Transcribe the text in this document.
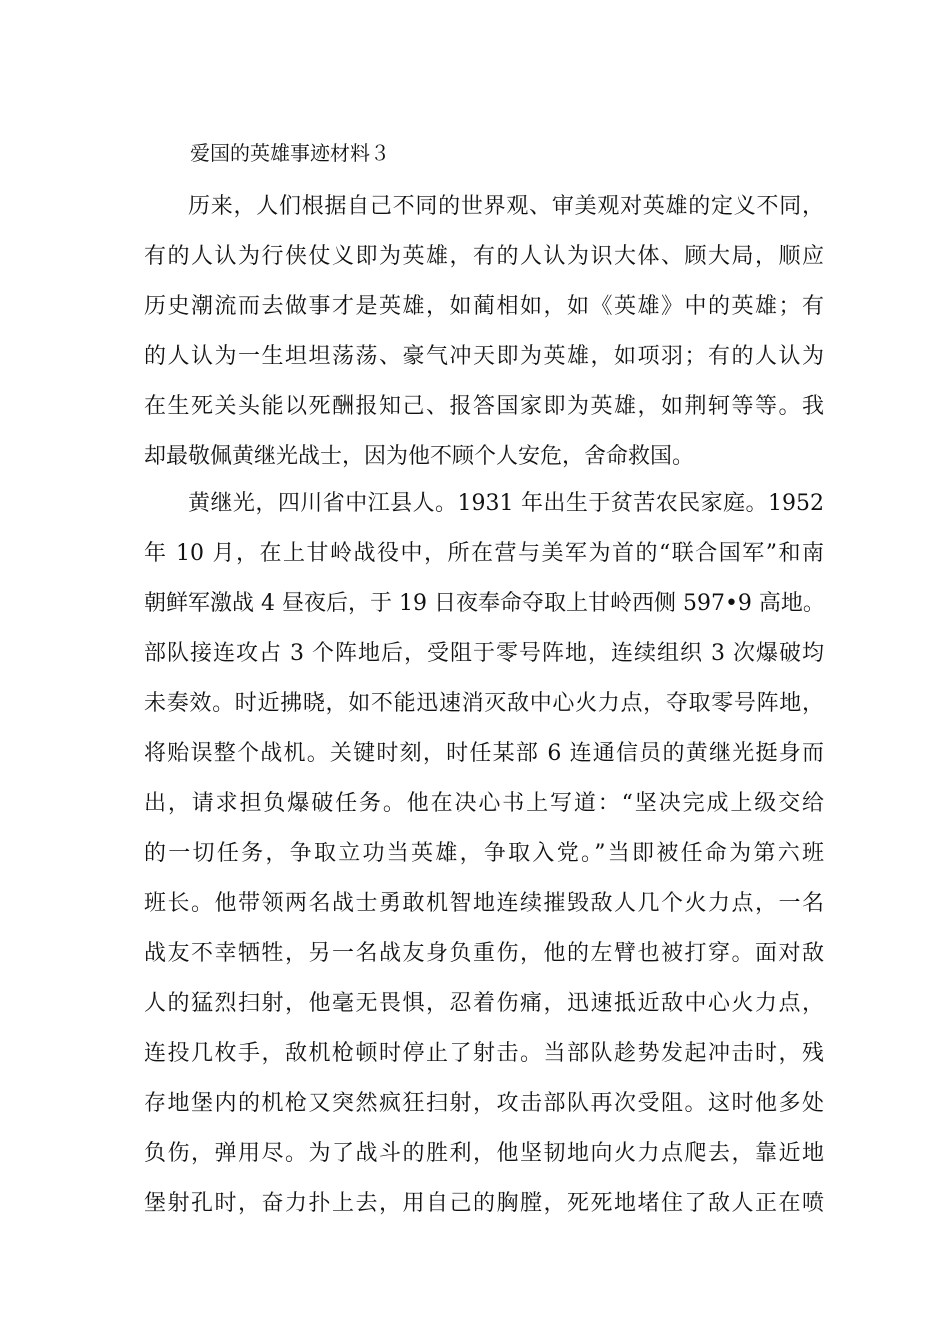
爱国的英雄事迹材料３
历来，人们根据自己不同的世界观、审美观对英雄的定义不同，
有的人认为行侠仗义即为英雄，有的人认为识大体、顾大局，顺应
历史潮流而去做事才是英雄，如蔺相如，如《英雄》中的英雄；有
的人认为一生坦坦荡荡、豪气冲天即为英雄，如项羽；有的人认为
在生死关头能以死酬报知己、报答国家即为英雄，如荆轲等等。我
却最敬佩黄继光战士，因为他不顾个人安危，舍命救国。
黄继光，四川省中江县人。1931 年出生于贫苦农民家庭。1952
年 10 月，在上甘岭战役中，所在营与美军为首的“联合国军”和南
朝鲜军激战 4 昼夜后，于 19 日夜奉命夺取上甘岭西侧 597•9 高地。
部队接连攻占 3 个阵地后，受阻于零号阵地，连续组织 3 次爆破均
未奏效。时近拂晓，如不能迅速消灭敌中心火力点，夺取零号阵地，
将贻误整个战机。关键时刻，时任某部 6 连通信员的黄继光挺身而
出，请求担负爆破任务。他在决心书上写道：“坚决完成上级交给
的一切任务，争取立功当英雄，争取入党。”当即被任命为第六班
班长。他带领两名战士勇敢机智地连续摧毁敌人几个火力点，一名
战友不幸牺牲，另一名战友身负重伤，他的左臂也被打穿。面对敌
人的猛烈扫射，他毫无畏惧，忍着伤痛，迅速抵近敌中心火力点，
连投几枚手，敌机枪顿时停止了射击。当部队趁势发起冲击时，残
存地堡内的机枪又突然疯狂扫射，攻击部队再次受阻。这时他多处
负伤，弹用尽。为了战斗的胜利，他坚韧地向火力点爬去，靠近地
堡射孔时，奋力扑上去，用自己的胸膛，死死地堵住了敌人正在喷
